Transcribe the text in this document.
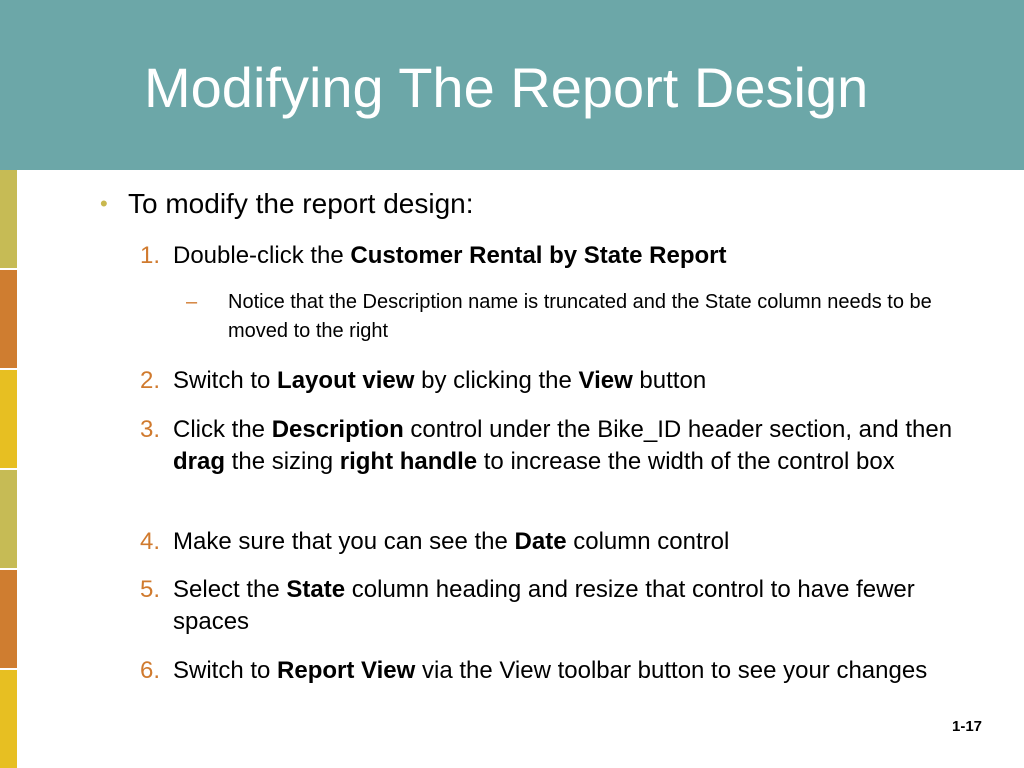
Modifying The Report Design
• To modify the report design:
1. Double-click the Customer Rental by State Report
– Notice that the Description name is truncated and the State column needs to be moved to the right
2. Switch to Layout view by clicking the View button
3. Click the Description control under the Bike_ID header section, and then drag the sizing right handle to increase the width of the control box
4. Make sure that you can see the Date column control
5. Select the State column heading and resize that control to have fewer spaces
6. Switch to Report View via the View toolbar button to see your changes
1-17
